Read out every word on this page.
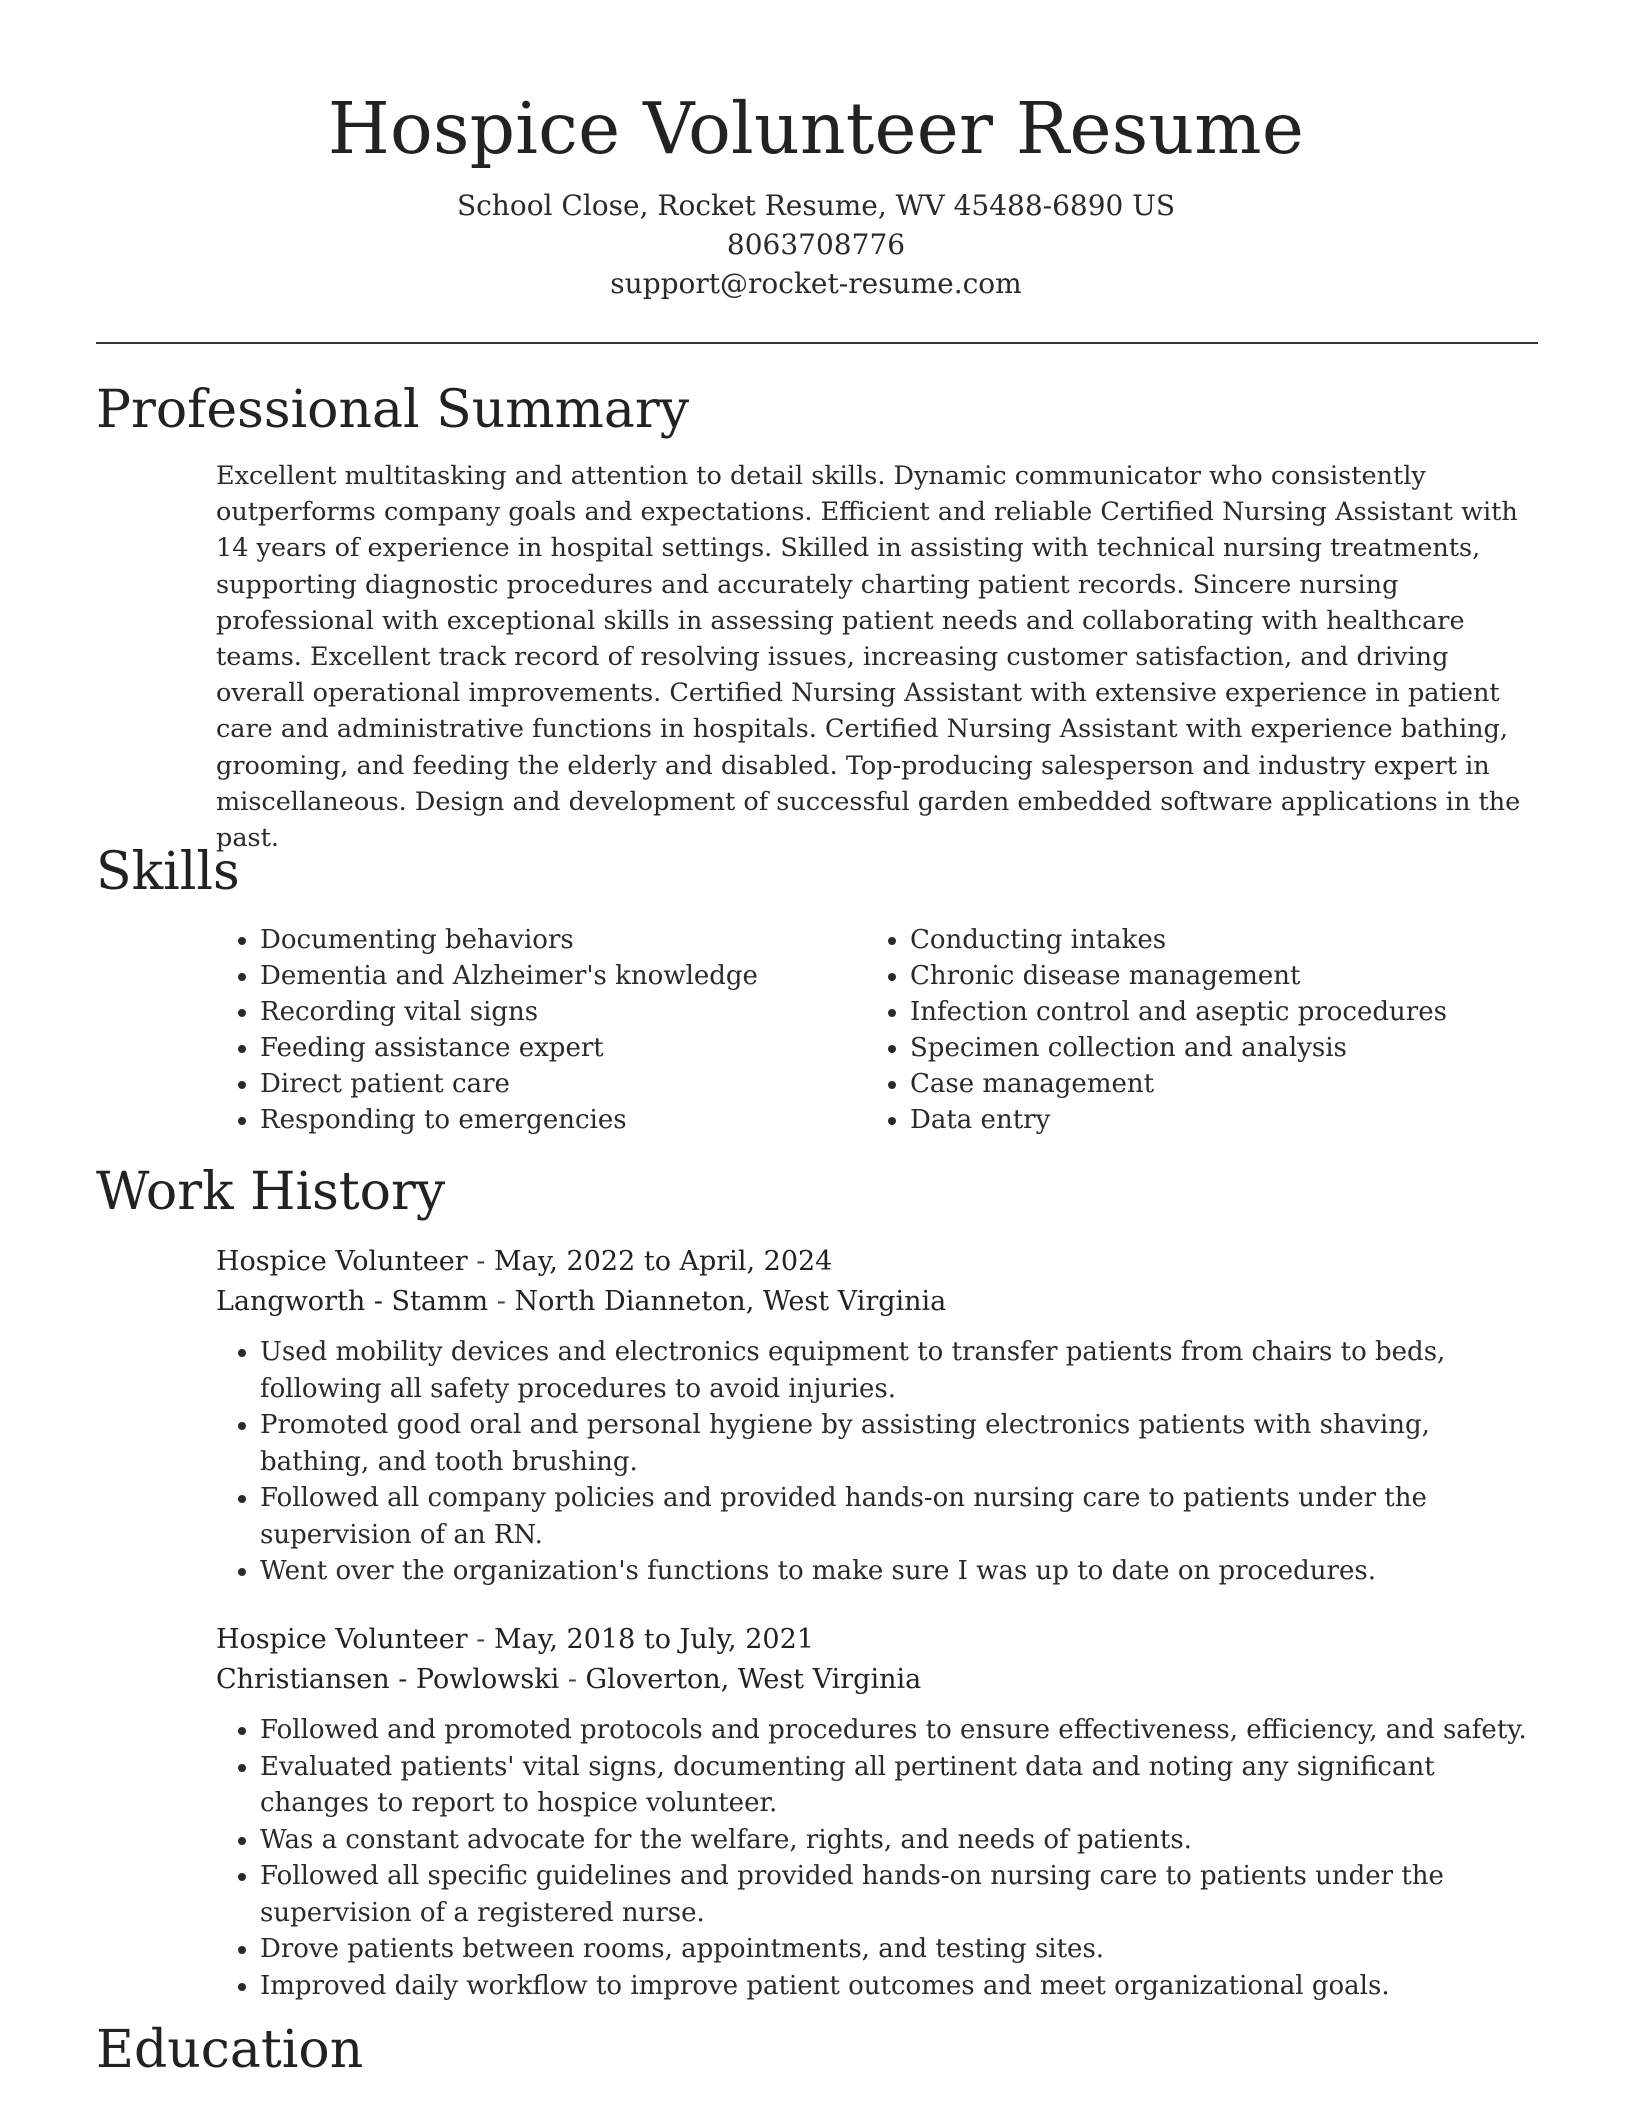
Hospice Volunteer Resume
School Close, Rocket Resume, WV 45488-6890 US
8063708776
support@rocket-resume.com
Professional Summary

Excellent multitasking and attention to detail skills. Dynamic communicator who consistently outperforms company goals and expectations. Efficient and reliable Certified Nursing Assistant with 14 years of experience in hospital settings. Skilled in assisting with technical nursing treatments, supporting diagnostic procedures and accurately charting patient records. Sincere nursing professional with exceptional skills in assessing patient needs and collaborating with healthcare teams. Excellent track record of resolving issues, increasing customer satisfaction, and driving overall operational improvements. Certified Nursing Assistant with extensive experience in patient care and administrative functions in hospitals. Certified Nursing Assistant with experience bathing, grooming, and feeding the elderly and disabled. Top-producing salesperson and industry expert in miscellaneous. Design and development of successful garden embedded software applications in the past.

Skills
• Documenting behaviors
• Dementia and Alzheimer's knowledge
• Recording vital signs
• Feeding assistance expert
• Direct patient care
• Responding to emergencies
• Conducting intakes
• Chronic disease management
• Infection control and aseptic procedures
• Specimen collection and analysis
• Case management
• Data entry
Work History
Hospice Volunteer - May, 2022 to April, 2024
Langworth - Stamm - North Dianneton, West Virginia
• Used mobility devices and electronics equipment to transfer patients from chairs to beds, following all safety procedures to avoid injuries.
• Promoted good oral and personal hygiene by assisting electronics patients with shaving, bathing, and tooth brushing.
• Followed all company policies and provided hands-on nursing care to patients under the supervision of an RN.
• Went over the organization's functions to make sure I was up to date on procedures.
Hospice Volunteer - May, 2018 to July, 2021
Christiansen - Powlowski - Gloverton, West Virginia
• Followed and promoted protocols and procedures to ensure effectiveness, efficiency, and safety.
• Evaluated patients' vital signs, documenting all pertinent data and noting any significant changes to report to hospice volunteer.
• Was a constant advocate for the welfare, rights, and needs of patients.
• Followed all specific guidelines and provided hands-on nursing care to patients under the supervision of a registered nurse.
• Drove patients between rooms, appointments, and testing sites.
• Improved daily workflow to improve patient outcomes and meet organizational goals.
Education
